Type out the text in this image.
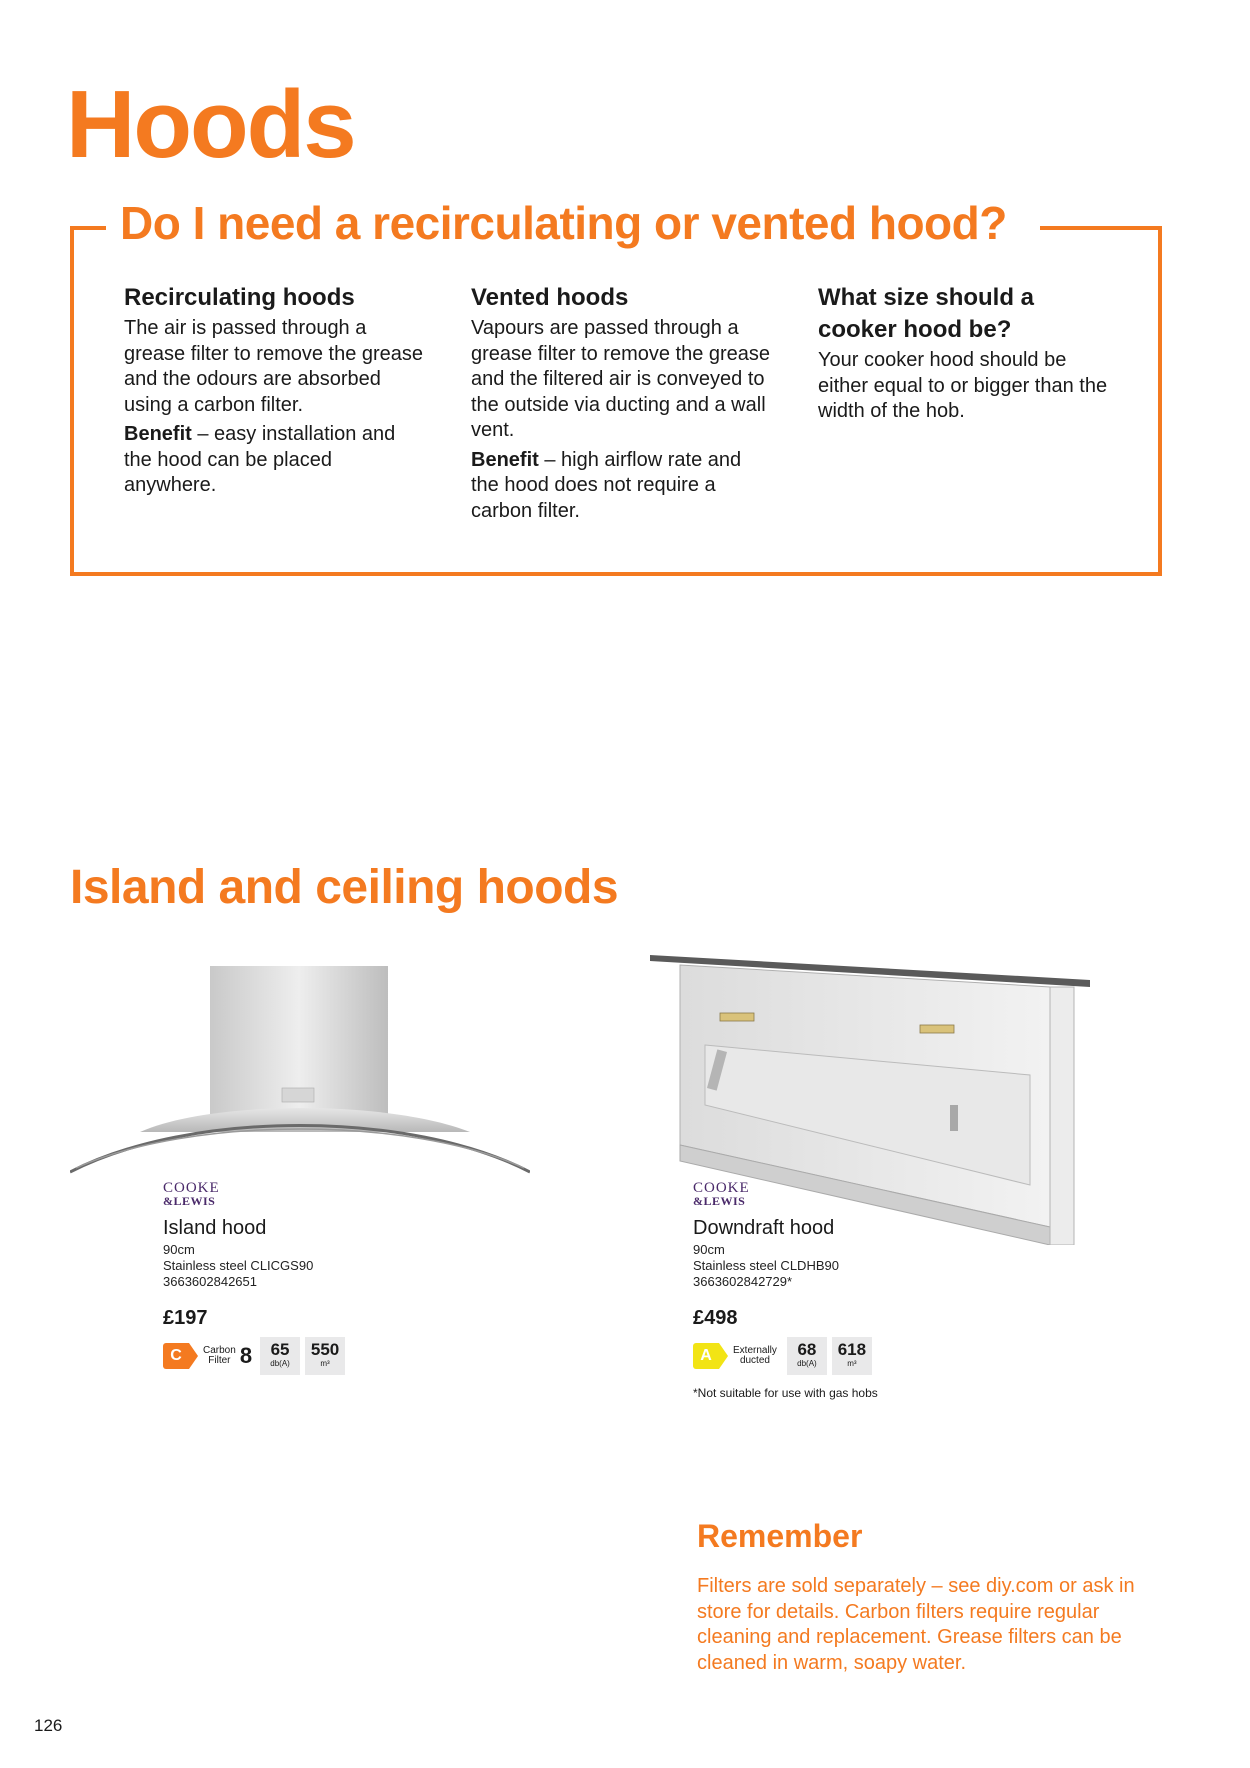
Hoods
Do I need a recirculating or vented hood?
Recirculating hoods

The air is passed through a grease filter to remove the grease and the odours are absorbed using a carbon filter.

Benefit – easy installation and the hood can be placed anywhere.

Vented hoods

Vapours are passed through a grease filter to remove the grease and the filtered air is conveyed to the outside via ducting and a wall vent.

Benefit – high airflow rate and the hood does not require a carbon filter.

What size should a cooker hood be?

Your cooker hood should be either equal to or bigger than the width of the hob.

Island and ceiling hoods
COOKE
&LEWIS
Island hood
90cm
Stainless steel CLICGS90
3663602842651
£197
C	Carbon
Filter 8	65
db(A)
550
m³
COOKE
&LEWIS
Downdraft hood
90cm
Stainless steel CLDHB90
3663602842729*
£498
A	Externally
ducted
68
db(A)
618
m³
*Not suitable for use with gas hobs
Remember
Filters are sold separately – see diy.com or ask in store for details. Carbon filters require regular cleaning and replacement. Grease filters can be cleaned in warm, soapy water.
126
